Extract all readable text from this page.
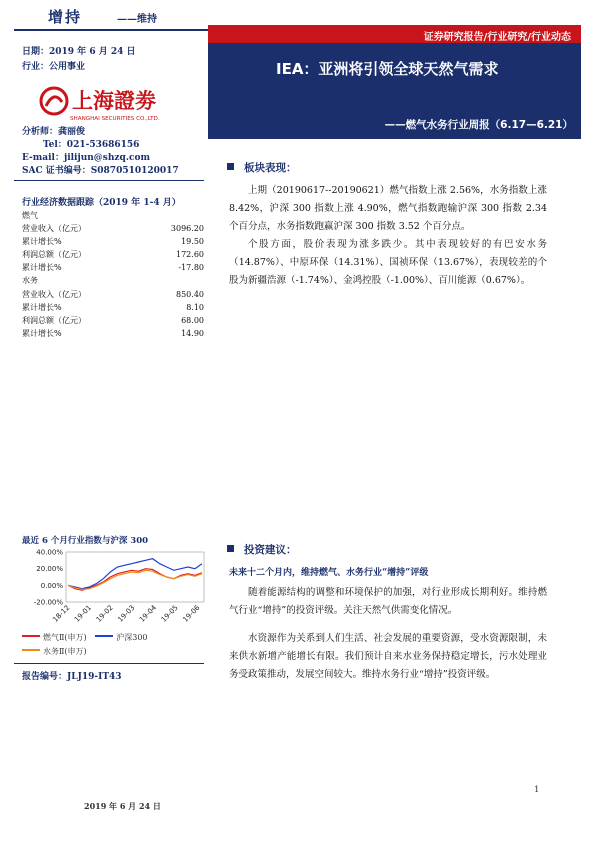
增持	——维持
证券研究报告/行业研究/行业动态
IEA：亚洲将引领全球天然气需求
——燃气水务行业周报（6.17—6.21）
日期：2019 年 6 月 24 日
行业：公用事业
上海證劵
SHANGHAI SECURITIES CO.,LTD.
分析师：龚丽俊
Tel：021-53686156
E-mail：jilijun@shzq.com
SAC 证书编号：S0870510120017
行业经济数据跟踪（2019 年 1-4 月）
燃气
营业收入（亿元）	3096.20
累计增长%	19.50
利润总额（亿元）	172.60
累计增长%	-17.80
水务
营业收入（亿元）	850.40
累计增长%	8.10
利润总额（亿元）	68.00
累计增长%	14.90
板块表现：
上期（20190617--20190621）燃气指数上涨 2.56%，水务指数上涨 8.42%，沪深 300 指数上涨 4.90%，燃气指数跑输沪深 300 指数 2.34 个百分点，水务指数跑赢沪深 300 指数 3.52 个百分点。
个股方面，股价表现为涨多跌少。其中表现较好的有巴安水务（14.87%）、中原环保（14.31%）、国祯环保（13.67%），表现较差的个股为新疆浩源（-1.74%）、金鸿控股（-1.00%）、百川能源（0.67%）。
最近 6 个月行业指数与沪深 300
40.00%
20.00%
0.00%
-20.00%
18-12 19-01 19-02 19-03 19-04 19-05 19-06
燃气Ⅱ(申万)	沪深300
水务Ⅱ(申万)
报告编号：JLJ19-IT43
投资建议：
未来十二个月内，维持燃气、水务行业“增持”评级
随着能源结构的调整和环境保护的加强，对行业形成长期利好。维持燃气行业“增持”的投资评级。关注天然气供需变化情况。
水资源作为关系到人们生活、社会发展的重要资源，受水资源限制，未来供水新增产能增长有限。我们预计自来水业务保持稳定增长，污水处理业务受政策推动，发展空间较大。维持水务行业“增持”投资评级。
2019 年 6 月 24 日
1
